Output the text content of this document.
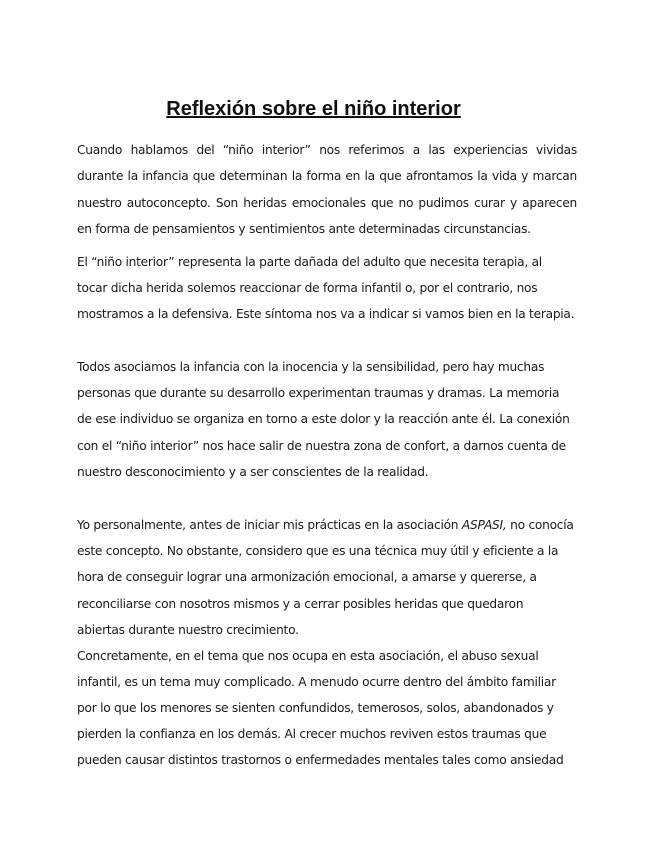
Reflexión sobre el niño interior
Cuando hablamos del “niño interior” nos referimos a las experiencias vividas
durante la infancia que determinan la forma en la que afrontamos la vida y marcan
nuestro autoconcepto. Son heridas emocionales que no pudimos curar y aparecen
en forma de pensamientos y sentimientos ante determinadas circunstancias.
El “niño interior” representa la parte dañada del adulto que necesita terapia, al
tocar dicha herida solemos reaccionar de forma infantil o, por el contrario, nos
mostramos a la defensiva. Este síntoma nos va a indicar si vamos bien en la terapia.
Todos asociamos la infancia con la inocencia y la sensibilidad, pero hay muchas
personas que durante su desarrollo experimentan traumas y dramas. La memoria
de ese individuo se organiza en torno a este dolor y la reacción ante él. La conexión
con el “niño interior” nos hace salir de nuestra zona de confort, a darnos cuenta de
nuestro desconocimiento y a ser conscientes de la realidad.
Yo personalmente, antes de iniciar mis prácticas en la asociación ASPASI, no conocía
este concepto. No obstante, considero que es una técnica muy útil y eficiente a la
hora de conseguir lograr una armonización emocional, a amarse y quererse, a
reconciliarse con nosotros mismos y a cerrar posibles heridas que quedaron
abiertas durante nuestro crecimiento.
Concretamente, en el tema que nos ocupa en esta asociación, el abuso sexual
infantil, es un tema muy complicado. A menudo ocurre dentro del ámbito familiar
por lo que los menores se sienten confundidos, temerosos, solos, abandonados y
pierden la confianza en los demás. Al crecer muchos reviven estos traumas que
pueden causar distintos trastornos o enfermedades mentales tales como ansiedad
